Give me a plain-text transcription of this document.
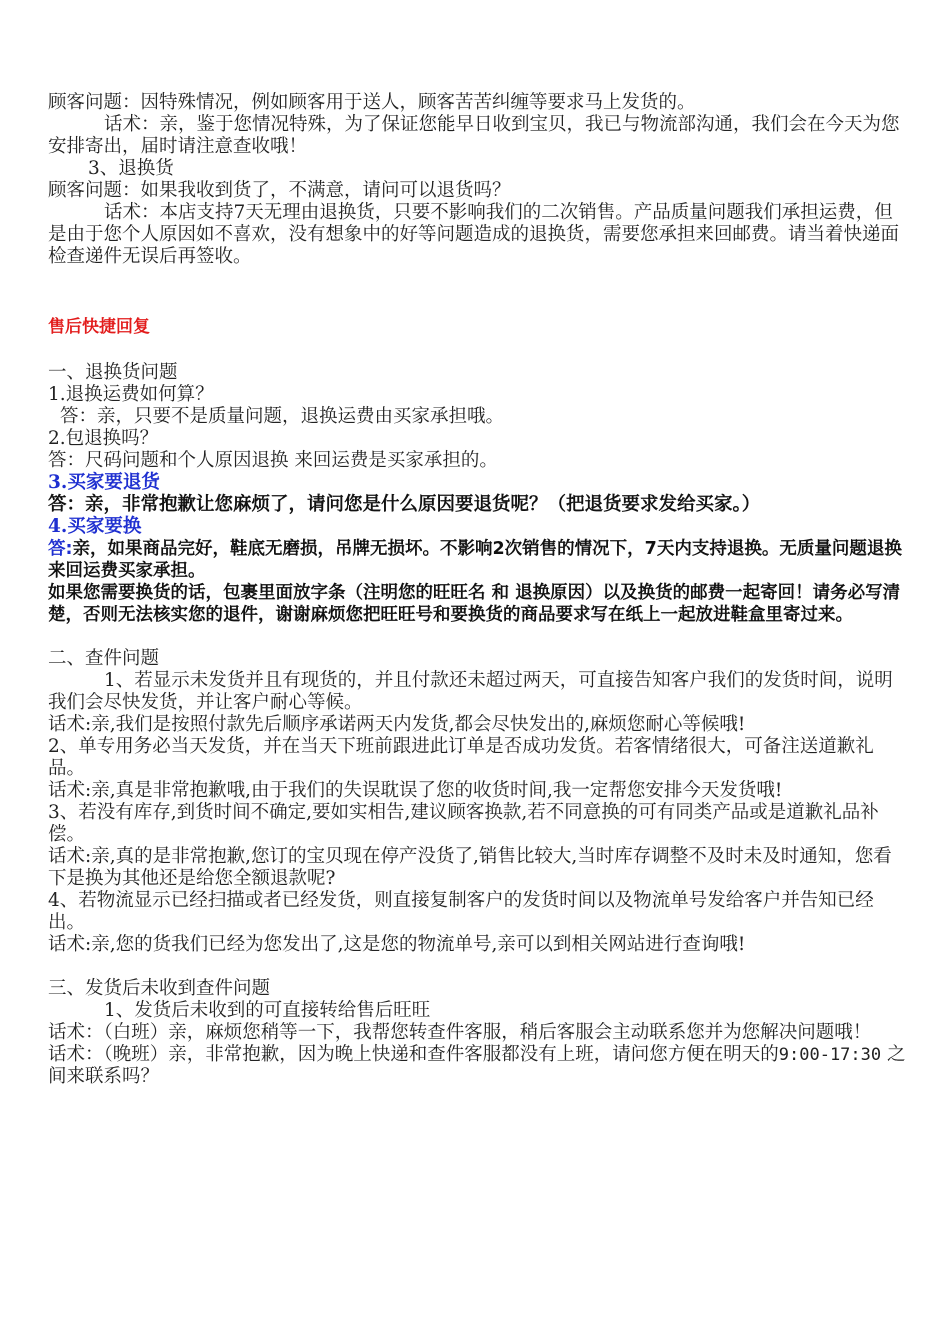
顾客问题：因特殊情况，例如顾客用于送人，顾客苦苦纠缠等要求马上发货的。

话术：亲，鉴于您情况特殊，为了保证您能早日收到宝贝，我已与物流部沟通，我们会在今天为您安排寄出，届时请注意查收哦！

3、退换货

顾客问题：如果我收到货了，不满意，请问可以退货吗？

话术：本店支持7天无理由退换货，只要不影响我们的二次销售。产品质量问题我们承担运费，但是由于您个人原因如不喜欢，没有想象中的好等问题造成的退换货，需要您承担来回邮费。请当着快递面检查递件无误后再签收。

售后快捷回复

一、退换货问题

1.退换运费如何算？

答：亲，只要不是质量问题，退换运费由买家承担哦。

2.包退换吗？

答：尺码问题和个人原因退换 来回运费是买家承担的。

3.买家要退货

答：亲，非常抱歉让您麻烦了，请问您是什么原因要退货呢？（把退货要求发给买家。）

4.买家要换

答:亲，如果商品完好，鞋底无磨损，吊牌无损坏。不影响2次销售的情况下，7天内支持退换。无质量问题退换来回运费买家承担。

如果您需要换货的话，包裹里面放字条（注明您的旺旺名 和 退换原因）以及换货的邮费一起寄回！请务必写清楚，否则无法核实您的退件，谢谢麻烦您把旺旺号和要换货的商品要求写在纸上一起放进鞋盒里寄过来。

二、查件问题

1、若显示未发货并且有现货的，并且付款还未超过两天，可直接告知客户我们的发货时间，说明我们会尽快发货，并让客户耐心等候。

话术:亲,我们是按照付款先后顺序承诺两天内发货,都会尽快发出的,麻烦您耐心等候哦!

2、单专用务必当天发货，并在当天下班前跟进此订单是否成功发货。若客情绪很大，可备注送道歉礼品。

话术:亲,真是非常抱歉哦,由于我们的失误耽误了您的收货时间,我一定帮您安排今天发货哦!

3、若没有库存,到货时间不确定,要如实相告,建议顾客换款,若不同意换的可有同类产品或是道歉礼品补偿。

话术:亲,真的是非常抱歉,您订的宝贝现在停产没货了,销售比较大,当时库存调整不及时未及时通知，您看下是换为其他还是给您全额退款呢?

4、若物流显示已经扫描或者已经发货，则直接复制客户的发货时间以及物流单号发给客户并告知已经出。

话术:亲,您的货我们已经为您发出了,这是您的物流单号,亲可以到相关网站进行查询哦!

三、发货后未收到查件问题

1、发货后未收到的可直接转给售后旺旺

话术：（白班）亲，麻烦您稍等一下，我帮您转查件客服，稍后客服会主动联系您并为您解决问题哦！

话术：（晚班）亲，非常抱歉，因为晚上快递和查件客服都没有上班，请问您方便在明天的9:00-17:30 之间来联系吗？
